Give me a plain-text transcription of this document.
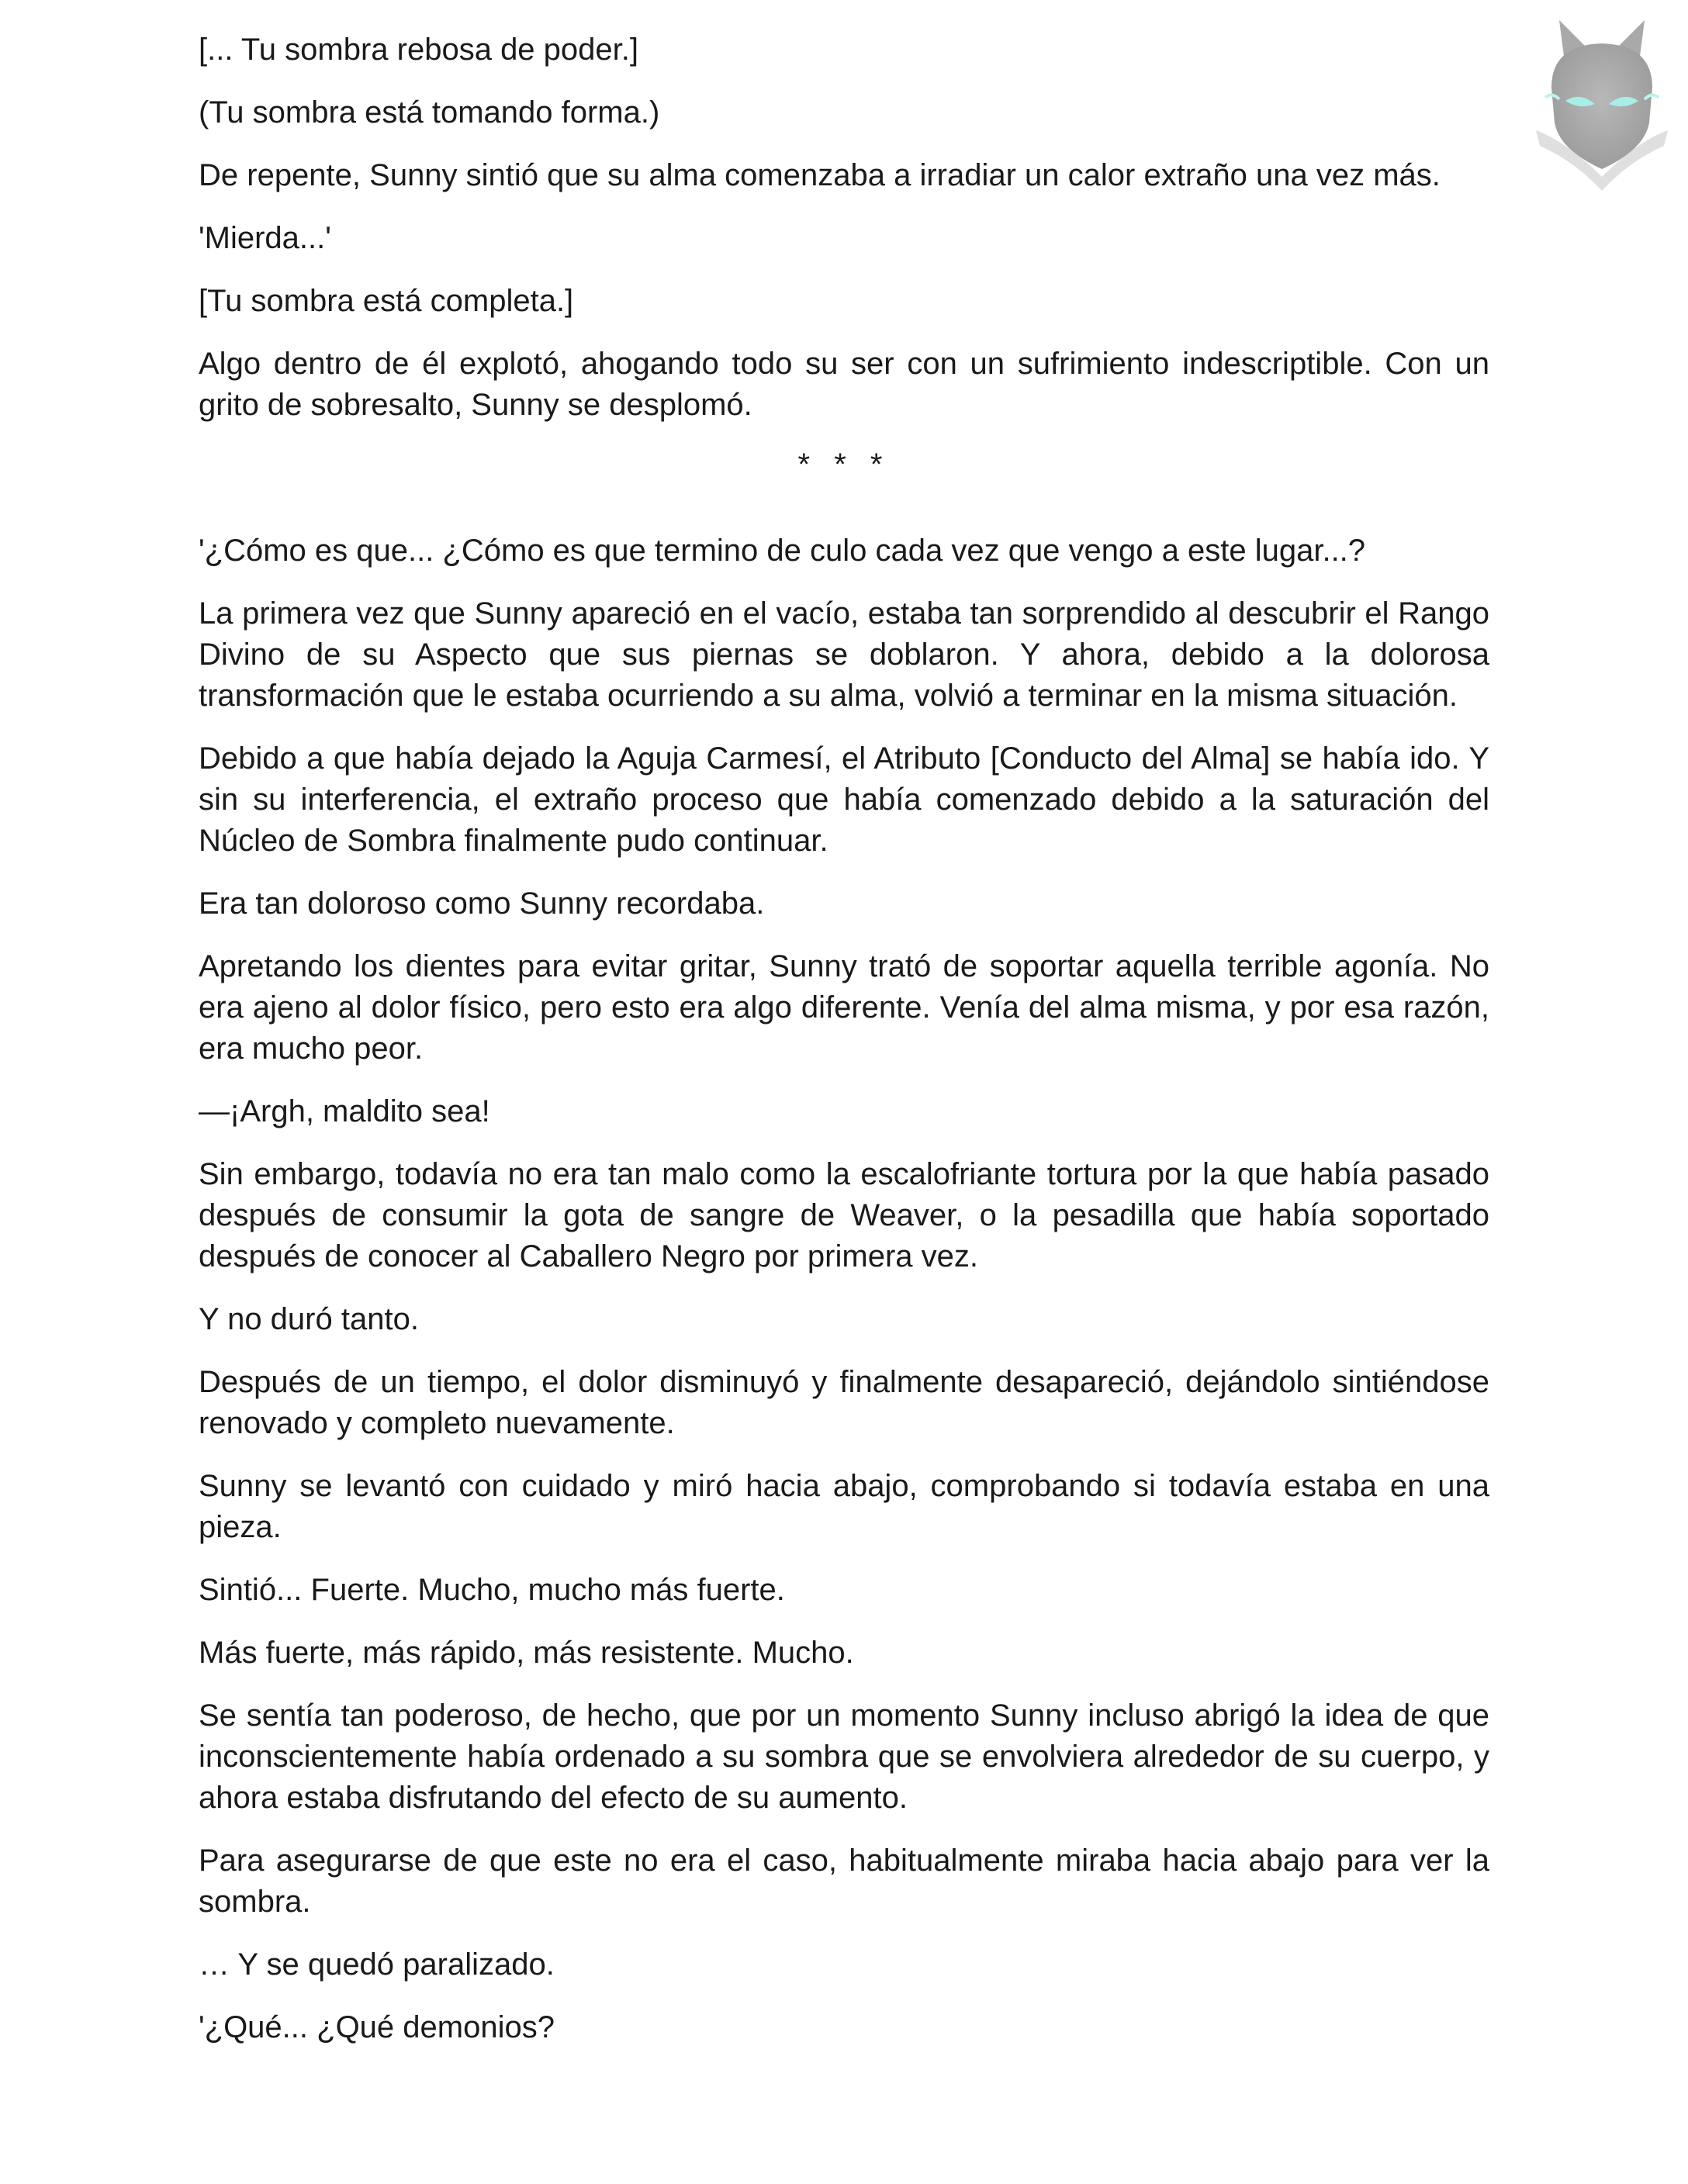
[... Tu sombra rebosa de poder.]

(Tu sombra está tomando forma.)

De repente, Sunny sintió que su alma comenzaba a irradiar un calor extraño una vez más.

'Mierda...'

[Tu sombra está completa.]

Algo dentro de él explotó, ahogando todo su ser con un sufrimiento indescriptible. Con un grito de sobresalto, Sunny se desplomó.

* * *

'¿Cómo es que... ¿Cómo es que termino de culo cada vez que vengo a este lugar...?

La primera vez que Sunny apareció en el vacío, estaba tan sorprendido al descubrir el Rango Divino de su Aspecto que sus piernas se doblaron. Y ahora, debido a la dolorosa transformación que le estaba ocurriendo a su alma, volvió a terminar en la misma situación.

Debido a que había dejado la Aguja Carmesí, el Atributo [Conducto del Alma] se había ido. Y sin su interferencia, el extraño proceso que había comenzado debido a la saturación del Núcleo de Sombra finalmente pudo continuar.

Era tan doloroso como Sunny recordaba.

Apretando los dientes para evitar gritar, Sunny trató de soportar aquella terrible agonía. No era ajeno al dolor físico, pero esto era algo diferente. Venía del alma misma, y por esa razón, era mucho peor.

—¡Argh, maldito sea!

Sin embargo, todavía no era tan malo como la escalofriante tortura por la que había pasado después de consumir la gota de sangre de Weaver, o la pesadilla que había soportado después de conocer al Caballero Negro por primera vez.

Y no duró tanto.

Después de un tiempo, el dolor disminuyó y finalmente desapareció, dejándolo sintiéndose renovado y completo nuevamente.

Sunny se levantó con cuidado y miró hacia abajo, comprobando si todavía estaba en una pieza.

Sintió... Fuerte. Mucho, mucho más fuerte.

Más fuerte, más rápido, más resistente. Mucho.

Se sentía tan poderoso, de hecho, que por un momento Sunny incluso abrigó la idea de que inconscientemente había ordenado a su sombra que se envolviera alrededor de su cuerpo, y ahora estaba disfrutando del efecto de su aumento.

Para asegurarse de que este no era el caso, habitualmente miraba hacia abajo para ver la sombra.

… Y se quedó paralizado.

'¿Qué... ¿Qué demonios?
